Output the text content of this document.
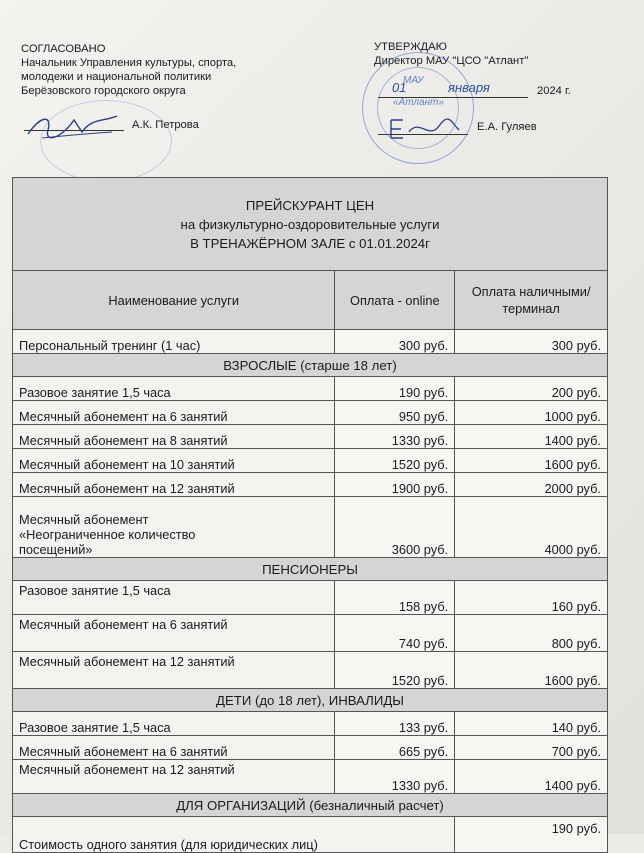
СОГЛАСОВАНО
Начальник Управления культуры, спорта,
молодежи и национальной политики
Берёзовского городского округа
А.К. Петрова
УТВЕРЖДАЮ
Директор МАУ "ЦСО "Атлант"
01	января	2024 г.
Е.А. Гуляев
МАУ
«Атлант»
ПРЕЙСКУРАНТ ЦЕН
на физкультурно-оздоровительные услуги
В ТРЕНАЖЁРНОМ ЗАЛЕ с 01.01.2024г		

Наименование услуги	Оплата - online	Оплата наличными/ терминал
Персональный тренинг (1 час)	300 руб.	300 руб.
ВЗРОСЛЫЕ (старше 18 лет)		
Разовое занятие 1,5 часа	190 руб.	200 руб.
Месячный абонемент на 6 занятий	950 руб.	1000 руб.
Месячный абонемент на 8 занятий	1330 руб.	1400 руб.
Месячный абонемент на 10 занятий	1520 руб.	1600 руб.
Месячный абонемент на 12 занятий	1900 руб.	2000 руб.

Месячный абонемент
«Неограниченное количество
посещений»	3600 руб.	4000 руб.
ПЕНСИОНЕРЫ		
Разовое занятие 1,5 часа	158 руб.	160 руб.
Месячный абонемент на 6 занятий	740 руб.	800 руб.
Месячный абонемент на 12 занятий	1520 руб.	1600 руб.
ДЕТИ (до 18 лет), ИНВАЛИДЫ		
Разовое занятие 1,5 часа	133 руб.	140 руб.
Месячный абонемент на 6 занятий	665 руб.	700 руб.
Месячный абонемент на 12 занятий	1330 руб.	1400 руб.
ДЛЯ ОРГАНИЗАЦИЙ (безналичный расчет)		
Стоимость одного занятия (для юридических лиц)		190 руб.
